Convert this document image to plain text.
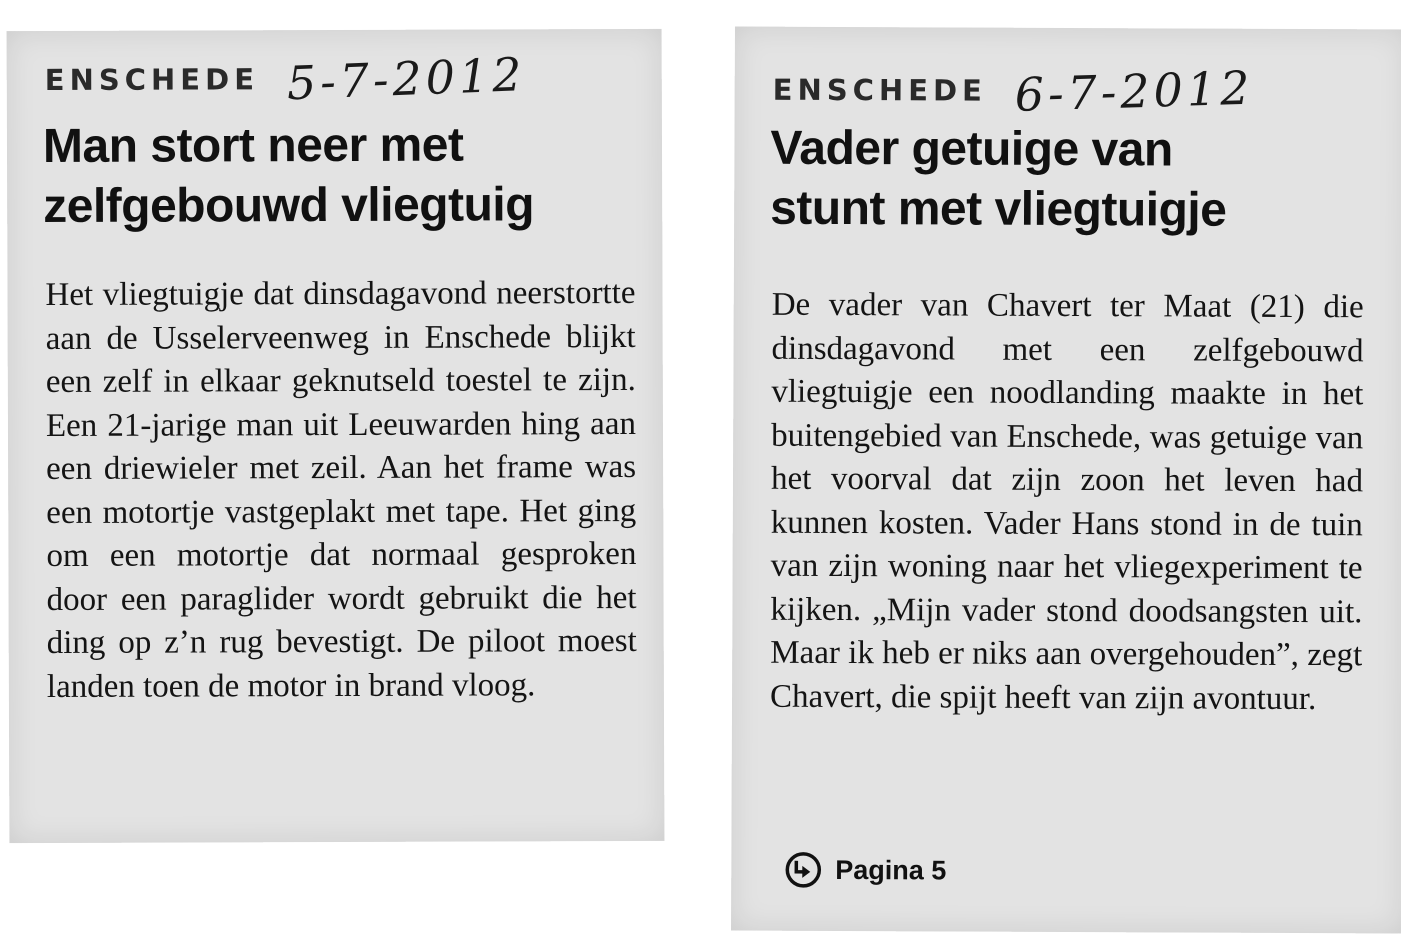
ENSCHEDE 5-7-2012
Man stort neer met
zelfgebouwd vliegtuig

Het vliegtuigje dat dinsdagavond neerstortte aan de Usselerveenweg in Enschede blijkt een zelf in elkaar geknutseld toestel te zijn. Een 21-jarige man uit Leeuwarden hing aan een driewieler met zeil. Aan het frame was een motortje vastgeplakt met tape. Het ging om een motortje dat normaal gesproken door een paraglider wordt gebruikt die het ding op z’n rug bevestigt. De piloot moest landen toen de motor in brand vloog.

ENSCHEDE 6-7-2012
Vader getuige van
stunt met vliegtuigje

De vader van Chavert ter Maat (21) die dinsdagavond met een zelfgebouwd vliegtuigje een noodlanding maakte in het buitengebied van Enschede, was getuige van het voorval dat zijn zoon het leven had kunnen kosten. Vader Hans stond in de tuin van zijn woning naar het vliegexperiment te kijken. „Mijn vader stond doodsangsten uit. Maar ik heb er niks aan overgehouden”, zegt Chavert, die spijt heeft van zijn avontuur.

Pagina 5
